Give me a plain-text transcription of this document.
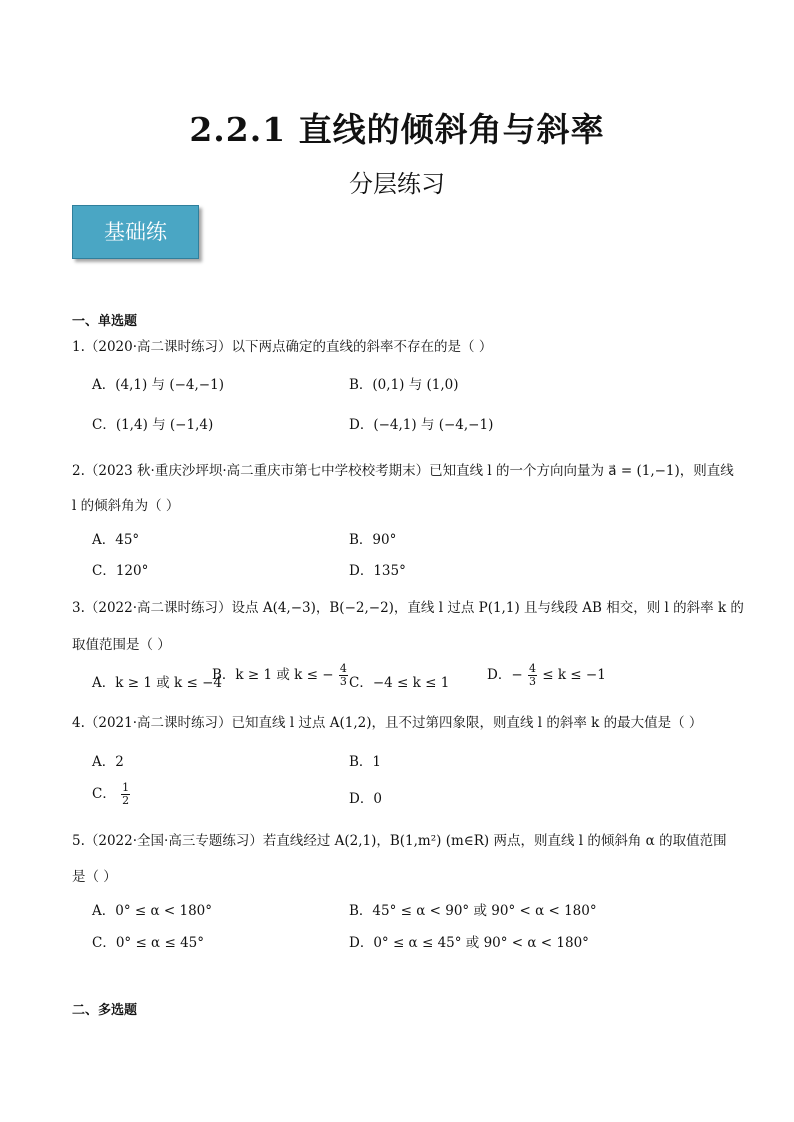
2.2.1 直线的倾斜角与斜率
分层练习
基础练
一、单选题
1.（2020·高二课时练习）以下两点确定的直线的斜率不存在的是（ ）
A．(4,1) 与 (−4,−1)	B．(0,1) 与 (1,0)
C．(1,4) 与 (−1,4)	D．(−4,1) 与 (−4,−1)
2.（2023 秋·重庆沙坪坝·高二重庆市第七中学校校考期末）已知直线 l 的一个方向向量为 a⃗ = (1,−1)，则直线
l 的倾斜角为（ ）
A．45°	B．90°
C．120°	D．135°
3.（2022·高二课时练习）设点 A(4,−3)，B(−2,−2)，直线 l 过点 P(1,1) 且与线段 AB 相交，则 l 的斜率 k 的
取值范围是（ ）
A．k ≥ 1 或 k ≤ −4
B．k ≥ 1 或 k ≤ − $\frac{4}{3}$ C．−4 ≤ k ≤ 1	D．− $\frac{4}{3} \le k \le -1$
4.（2021·高二课时练习）已知直线 l 过点 A(1,2)，且不过第四象限，则直线 l 的斜率 k 的最大值是（ ）
A．2	B．1
C． $\frac{1}{2}$	D．0
5.（2022·全国·高三专题练习）若直线经过 A(2,1)，B(1,m²) (m∈R) 两点，则直线 l 的倾斜角 α 的取值范围
是（ ）
A．0° ≤ α < 180°	B．45° ≤ α < 90° 或 90° < α < 180°
C．0° ≤ α ≤ 45°	D．0° ≤ α ≤ 45° 或 90° < α < 180°
二、多选题
